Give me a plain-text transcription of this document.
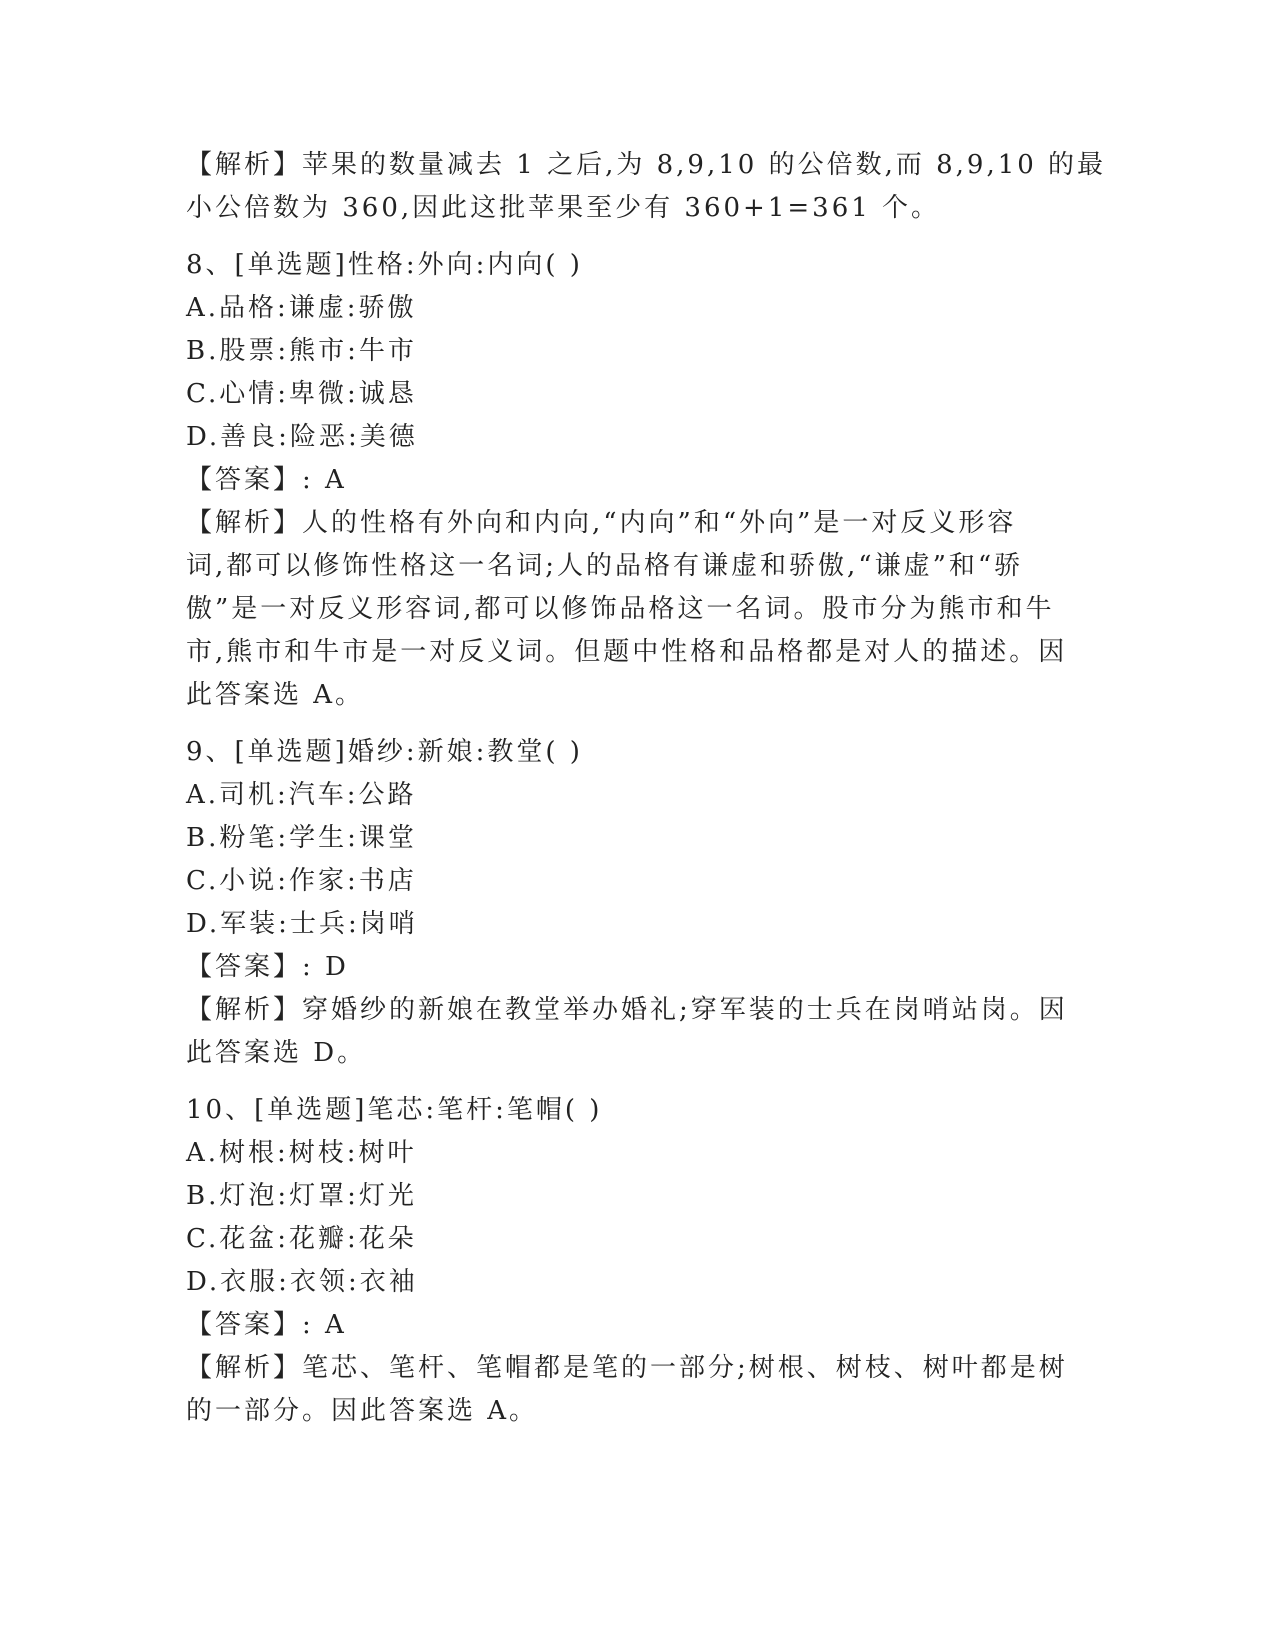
【解析】苹果的数量减去 1 之后,为 8,9,10 的公倍数,而 8,9,10 的最
小公倍数为 360,因此这批苹果至少有 360+1=361 个。
8、[单选题]性格:外向:内向( )
A.品格:谦虚:骄傲
B.股票:熊市:牛市
C.心情:卑微:诚恳
D.善良:险恶:美德
【答案】: A
【解析】人的性格有外向和内向,“内向”和“外向”是一对反义形容
词,都可以修饰性格这一名词;人的品格有谦虚和骄傲,“谦虚”和“骄
傲”是一对反义形容词,都可以修饰品格这一名词。股市分为熊市和牛
市,熊市和牛市是一对反义词。但题中性格和品格都是对人的描述。因
此答案选 A。
9、[单选题]婚纱:新娘:教堂( )
A.司机:汽车:公路
B.粉笔:学生:课堂
C.小说:作家:书店
D.军装:士兵:岗哨
【答案】: D
【解析】穿婚纱的新娘在教堂举办婚礼;穿军装的士兵在岗哨站岗。因
此答案选 D。
10、[单选题]笔芯:笔杆:笔帽( )
A.树根:树枝:树叶
B.灯泡:灯罩:灯光
C.花盆:花瓣:花朵
D.衣服:衣领:衣袖
【答案】: A
【解析】笔芯、笔杆、笔帽都是笔的一部分;树根、树枝、树叶都是树
的一部分。因此答案选 A。
